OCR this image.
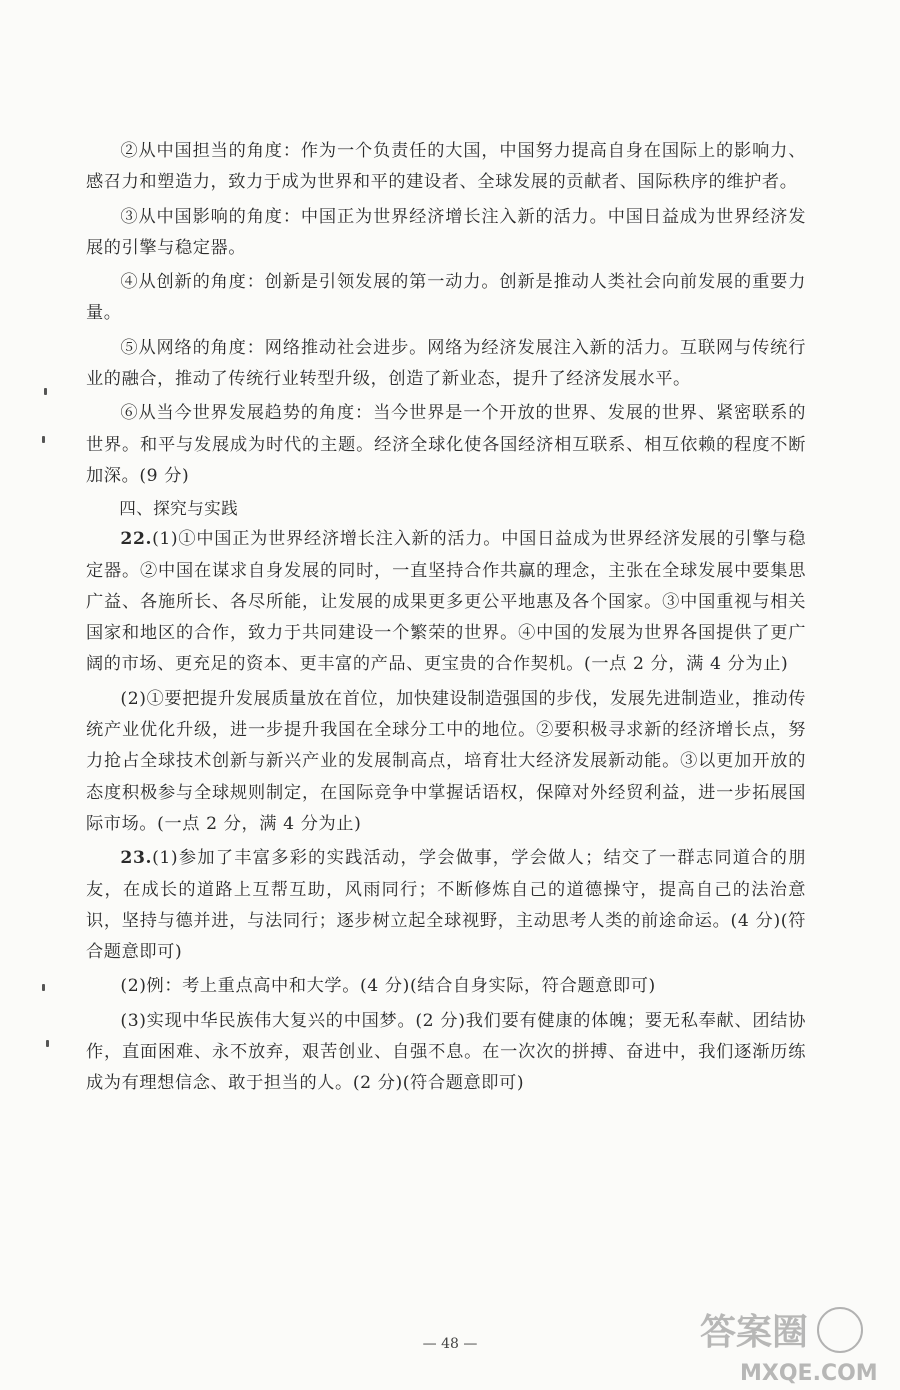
②从中国担当的角度：作为一个负责任的大国，中国努力提高自身在国际上的影响力、感召力和塑造力，致力于成为世界和平的建设者、全球发展的贡献者、国际秩序的维护者。

③从中国影响的角度：中国正为世界经济增长注入新的活力。中国日益成为世界经济发展的引擎与稳定器。

④从创新的角度：创新是引领发展的第一动力。创新是推动人类社会向前发展的重要力量。

⑤从网络的角度：网络推动社会进步。网络为经济发展注入新的活力。互联网与传统行业的融合，推动了传统行业转型升级，创造了新业态，提升了经济发展水平。

⑥从当今世界发展趋势的角度：当今世界是一个开放的世界、发展的世界、紧密联系的世界。和平与发展成为时代的主题。经济全球化使各国经济相互联系、相互依赖的程度不断加深。(9 分)

四、探究与实践

22.(1)①中国正为世界经济增长注入新的活力。中国日益成为世界经济发展的引擎与稳定器。②中国在谋求自身发展的同时，一直坚持合作共赢的理念，主张在全球发展中要集思广益、各施所长、各尽所能，让发展的成果更多更公平地惠及各个国家。③中国重视与相关国家和地区的合作，致力于共同建设一个繁荣的世界。④中国的发展为世界各国提供了更广阔的市场、更充足的资本、更丰富的产品、更宝贵的合作契机。(一点 2 分，满 4 分为止)

(2)①要把提升发展质量放在首位，加快建设制造强国的步伐，发展先进制造业，推动传统产业优化升级，进一步提升我国在全球分工中的地位。②要积极寻求新的经济增长点，努力抢占全球技术创新与新兴产业的发展制高点，培育壮大经济发展新动能。③以更加开放的态度积极参与全球规则制定，在国际竞争中掌握话语权，保障对外经贸利益，进一步拓展国际市场。(一点 2 分，满 4 分为止)

23.(1)参加了丰富多彩的实践活动，学会做事，学会做人；结交了一群志同道合的朋友，在成长的道路上互帮互助，风雨同行；不断修炼自己的道德操守，提高自己的法治意识，坚持与德并进，与法同行；逐步树立起全球视野，主动思考人类的前途命运。(4 分)(符合题意即可)

(2)例：考上重点高中和大学。(4 分)(结合自身实际，符合题意即可)

(3)实现中华民族伟大复兴的中国梦。(2 分)我们要有健康的体魄；要无私奉献、团结协作，直面困难、永不放弃，艰苦创业、自强不息。在一次次的拼搏、奋进中，我们逐渐历练成为有理想信念、敢于担当的人。(2 分)(符合题意即可)

— 48 —	答案圈
MXQE.COM
